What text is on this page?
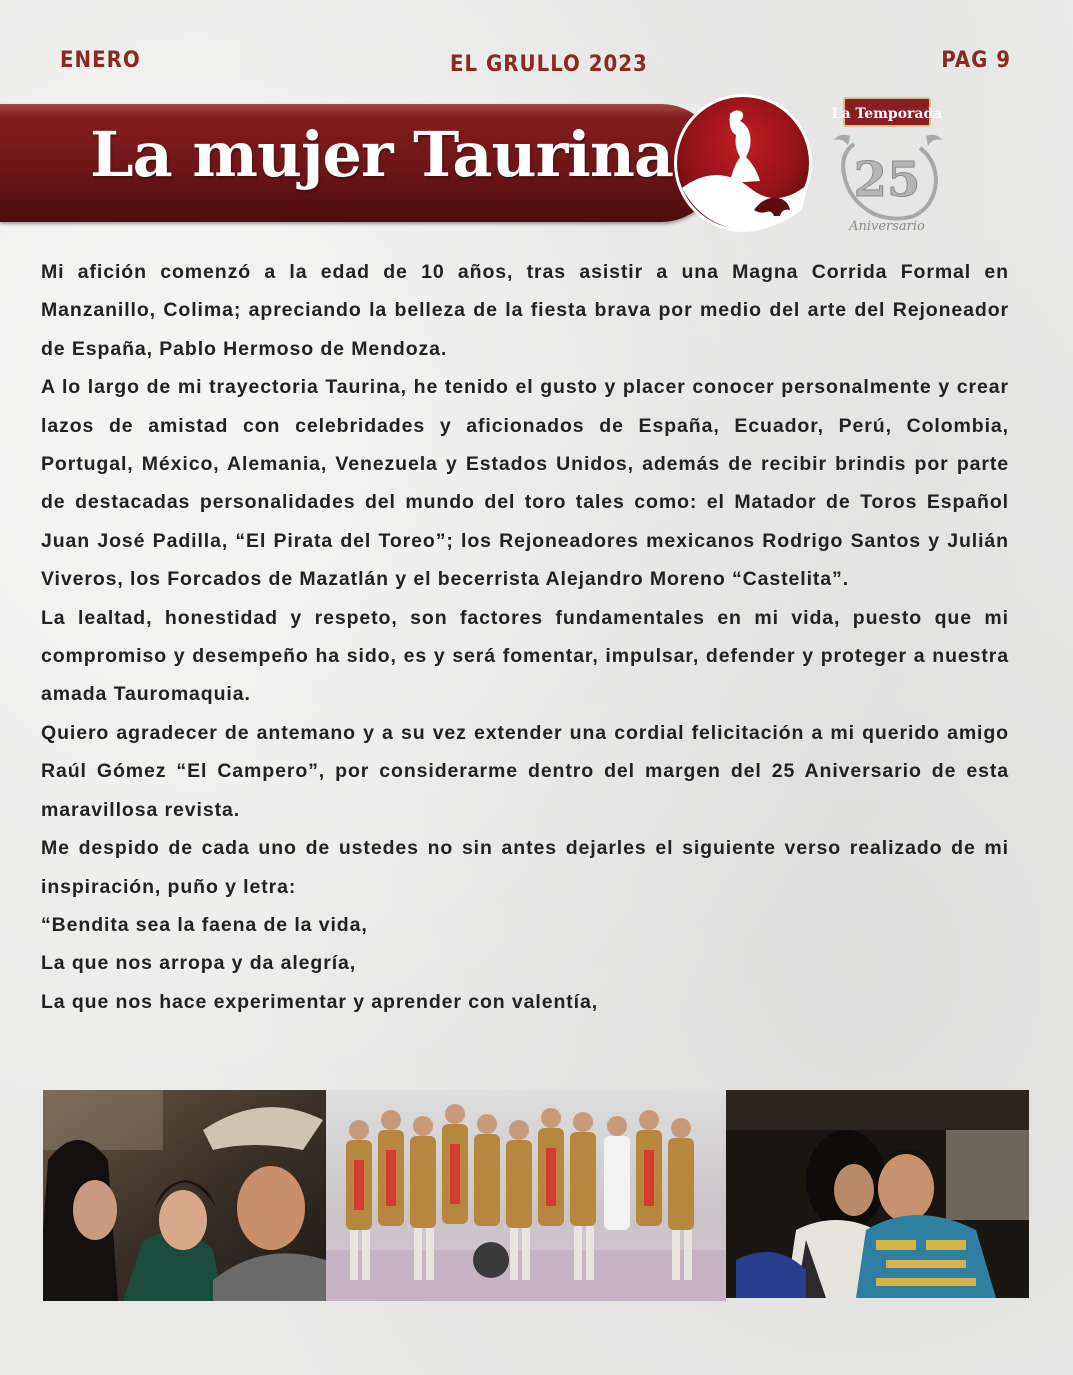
ENERO	EL GRULLO 2023	PAG 9
La mujer Taurina
La Temporada
25
Aniversario

Mi afición comenzó a la edad de 10 años, tras asistir a una Magna Corrida Formal en Manzanillo, Colima; apreciando la belleza de la fiesta brava por medio del arte del Rejoneador de España, Pablo Hermoso de Mendoza.

A lo largo de mi trayectoria Taurina, he tenido el gusto y placer conocer personalmente y crear lazos de amistad con celebridades y aficionados de España, Ecuador, Perú, Colombia, Portugal, México, Alemania, Venezuela y Estados Unidos, además de recibir brindis por parte de destacadas personalidades del mundo del toro tales como: el Matador de Toros Español Juan José Padilla, “El Pirata del Toreo”; los Rejoneadores mexicanos Rodrigo Santos y Julián Viveros, los Forcados de Mazatlán y el becerrista Alejandro Moreno “Castelita”.

La lealtad, honestidad y respeto, son factores fundamentales en mi vida, puesto que mi compromiso y desempeño ha sido, es y será fomentar, impulsar, defender y proteger a nuestra amada Tauromaquia.

Quiero agradecer de antemano y a su vez extender una cordial felicitación a mi querido amigo Raúl Gómez “El Campero”, por considerarme dentro del margen del 25 Aniversario de esta maravillosa revista.

Me despido de cada uno de ustedes no sin antes dejarles el siguiente verso realizado de mi inspiración, puño y letra:

“Bendita sea la faena de la vida,

La que nos arropa y da alegría,

La que nos hace experimentar y aprender con valentía,
